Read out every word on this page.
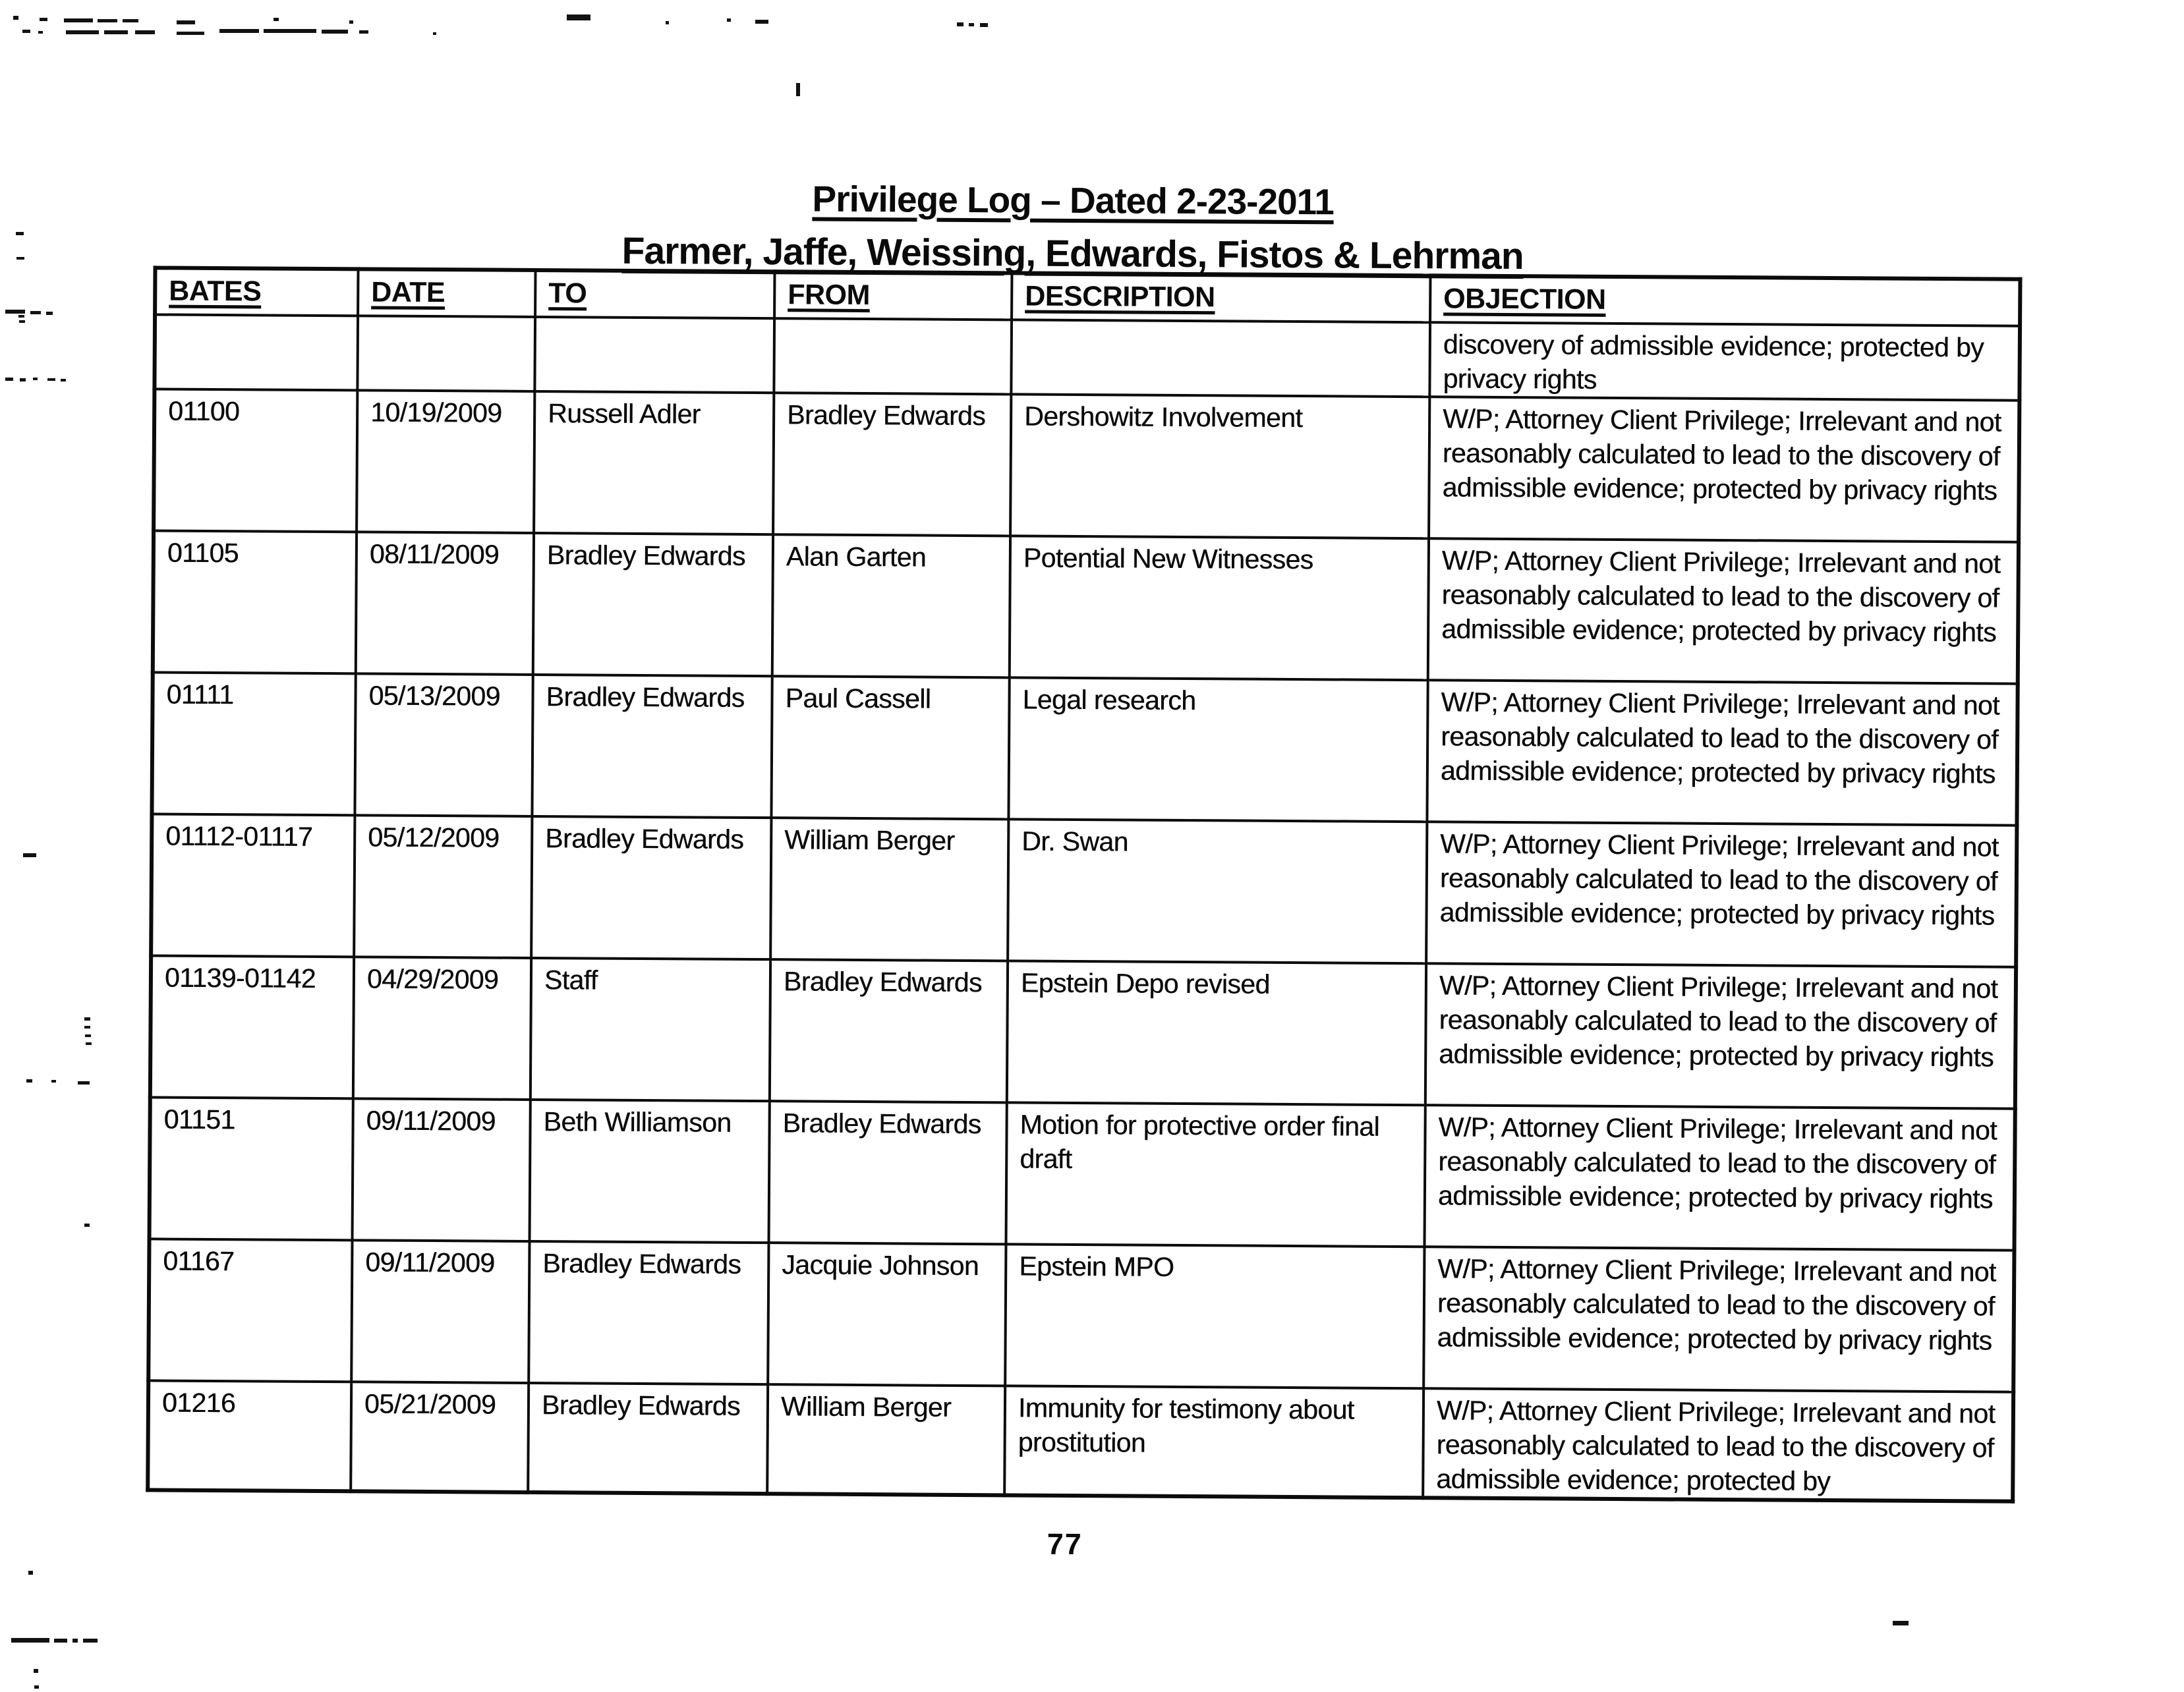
Privilege Log – Dated 2-23-2011
Farmer, Jaffe, Weissing, Edwards, Fistos & Lehrman
BATES	DATE	TO	FROM	DESCRIPTION	OBJECTION
					discovery of admissible evidence; protected by privacy rights
01100	10/19/2009	Russell Adler	Bradley Edwards	Dershowitz Involvement	W/P; Attorney Client Privilege; Irrelevant and not reasonably calculated to lead to the discovery of admissible evidence; protected by privacy rights
01105	08/11/2009	Bradley Edwards	Alan Garten	Potential New Witnesses	W/P; Attorney Client Privilege; Irrelevant and not reasonably calculated to lead to the discovery of admissible evidence; protected by privacy rights
01111	05/13/2009	Bradley Edwards	Paul Cassell	Legal research	W/P; Attorney Client Privilege; Irrelevant and not reasonably calculated to lead to the discovery of admissible evidence; protected by privacy rights
01112-01117	05/12/2009	Bradley Edwards	William Berger	Dr. Swan	W/P; Attorney Client Privilege; Irrelevant and not reasonably calculated to lead to the discovery of admissible evidence; protected by privacy rights
01139-01142	04/29/2009	Staff	Bradley Edwards	Epstein Depo revised	W/P; Attorney Client Privilege; Irrelevant and not reasonably calculated to lead to the discovery of admissible evidence; protected by privacy rights
01151	09/11/2009	Beth Williamson	Bradley Edwards	Motion for protective order final draft	W/P; Attorney Client Privilege; Irrelevant and not reasonably calculated to lead to the discovery of admissible evidence; protected by privacy rights
01167	09/11/2009	Bradley Edwards	Jacquie Johnson	Epstein MPO	W/P; Attorney Client Privilege; Irrelevant and not reasonably calculated to lead to the discovery of admissible evidence; protected by privacy rights
01216	05/21/2009	Bradley Edwards	William Berger	Immunity for testimony about prostitution	W/P; Attorney Client Privilege; Irrelevant and not reasonably calculated to lead to the discovery of admissible evidence; protected by
77
